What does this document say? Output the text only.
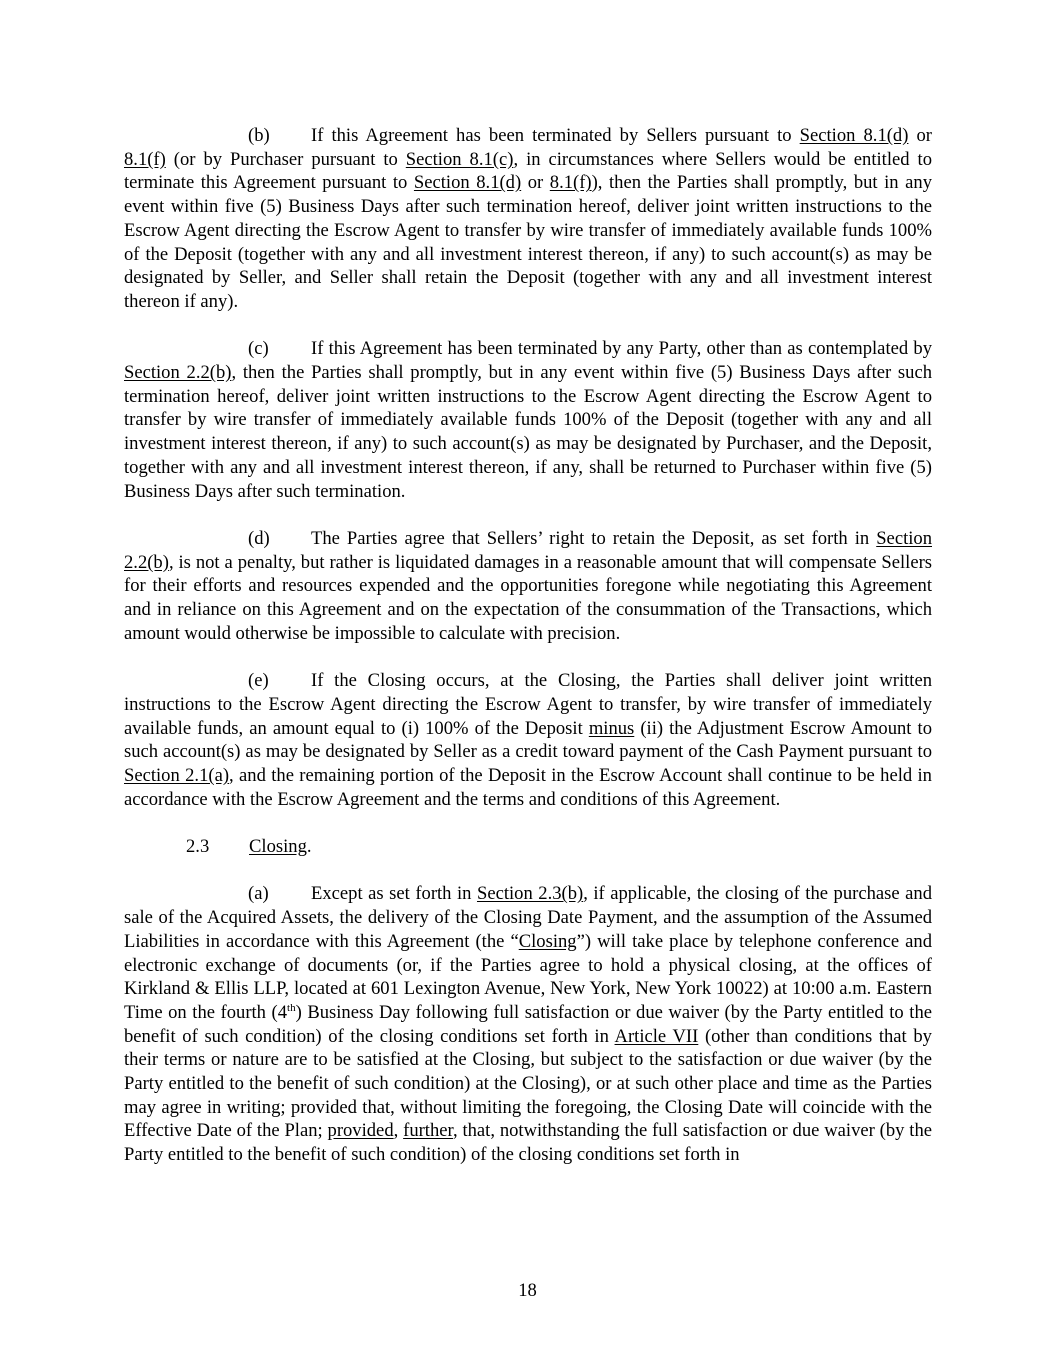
(b) If this Agreement has been terminated by Sellers pursuant to Section 8.1(d) or 8.1(f) (or by Purchaser pursuant to Section 8.1(c), in circumstances where Sellers would be entitled to terminate this Agreement pursuant to Section 8.1(d) or 8.1(f)), then the Parties shall promptly, but in any event within five (5) Business Days after such termination hereof, deliver joint written instructions to the Escrow Agent directing the Escrow Agent to transfer by wire transfer of immediately available funds 100% of the Deposit (together with any and all investment interest thereon, if any) to such account(s) as may be designated by Seller, and Seller shall retain the Deposit (together with any and all investment interest thereon if any).

(c) If this Agreement has been terminated by any Party, other than as contemplated by Section 2.2(b), then the Parties shall promptly, but in any event within five (5) Business Days after such termination hereof, deliver joint written instructions to the Escrow Agent directing the Escrow Agent to transfer by wire transfer of immediately available funds 100% of the Deposit (together with any and all investment interest thereon, if any) to such account(s) as may be designated by Purchaser, and the Deposit, together with any and all investment interest thereon, if any, shall be returned to Purchaser within five (5) Business Days after such termination.

(d) The Parties agree that Sellers’ right to retain the Deposit, as set forth in Section 2.2(b), is not a penalty, but rather is liquidated damages in a reasonable amount that will compensate Sellers for their efforts and resources expended and the opportunities foregone while negotiating this Agreement and in reliance on this Agreement and on the expectation of the consummation of the Transactions, which amount would otherwise be impossible to calculate with precision.

(e) If the Closing occurs, at the Closing, the Parties shall deliver joint written instructions to the Escrow Agent directing the Escrow Agent to transfer, by wire transfer of immediately available funds, an amount equal to (i) 100% of the Deposit minus (ii) the Adjustment Escrow Amount to such account(s) as may be designated by Seller as a credit toward payment of the Cash Payment pursuant to Section 2.1(a), and the remaining portion of the Deposit in the Escrow Account shall continue to be held in accordance with the Escrow Agreement and the terms and conditions of this Agreement.

2.3 Closing.

(a) Except as set forth in Section 2.3(b), if applicable, the closing of the purchase and sale of the Acquired Assets, the delivery of the Closing Date Payment, and the assumption of the Assumed Liabilities in accordance with this Agreement (the “Closing”) will take place by telephone conference and electronic exchange of documents (or, if the Parties agree to hold a physical closing, at the offices of Kirkland & Ellis LLP, located at 601 Lexington Avenue, New York, New York 10022) at 10:00 a.m. Eastern Time on the fourth (4th) Business Day following full satisfaction or due waiver (by the Party entitled to the benefit of such condition) of the closing conditions set forth in Article VII (other than conditions that by their terms or nature are to be satisfied at the Closing, but subject to the satisfaction or due waiver (by the Party entitled to the benefit of such condition) at the Closing), or at such other place and time as the Parties may agree in writing; provided that, without limiting the foregoing, the Closing Date will coincide with the Effective Date of the Plan; provided, further, that, notwithstanding the full satisfaction or due waiver (by the Party entitled to the benefit of such condition) of the closing conditions set forth in

18
